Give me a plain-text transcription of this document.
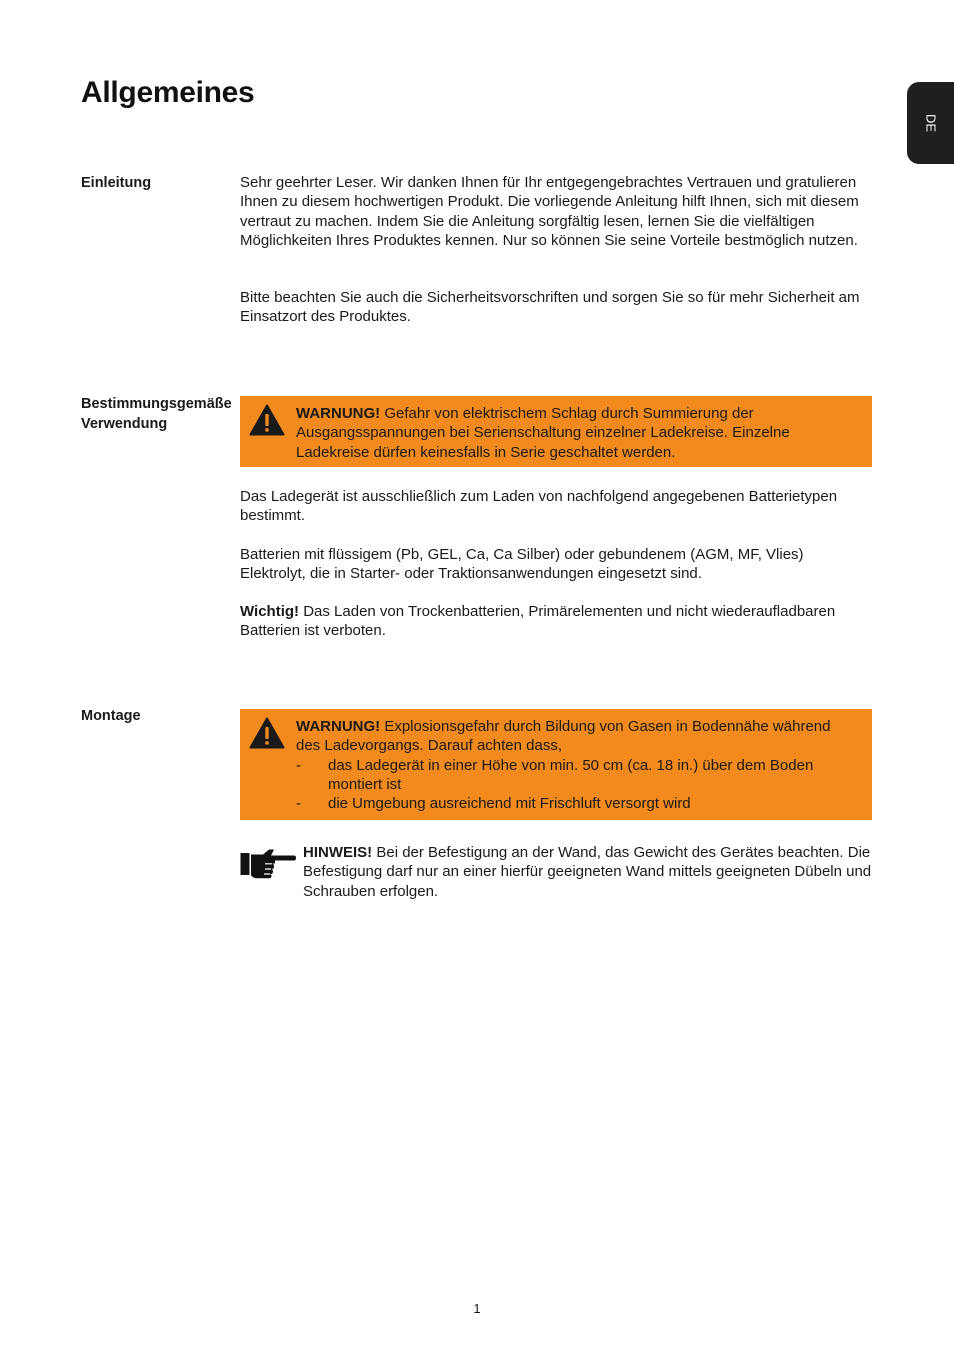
Allgemeines
DE
Einleitung	Sehr geehrter Leser. Wir danken Ihnen für Ihr entgegengebrachtes Vertrauen und gratulieren Ihnen zu diesem hochwertigen Produkt. Die vorliegende Anleitung hilft Ihnen, sich mit diesem vertraut zu machen. Indem Sie die Anleitung sorgfältig lesen, lernen Sie die vielfältigen Möglichkeiten Ihres Produktes kennen. Nur so können Sie seine Vorteile bestmöglich nutzen.

Bitte beachten Sie auch die Sicherheitsvorschriften und sorgen Sie so für mehr Sicherheit am Einsatzort des Produktes.

Bestimmungsgemäße Verwendung
WARNUNG! Gefahr von elektrischem Schlag durch Summierung der Ausgangsspannungen bei Serienschaltung einzelner Ladekreise. Einzelne Ladekreise dürfen keinesfalls in Serie geschaltet werden.

Das Ladegerät ist ausschließlich zum Laden von nachfolgend angegebenen Batterietypen bestimmt.

Batterien mit flüssigem (Pb, GEL, Ca, Ca Silber) oder gebundenem (AGM, MF, Vlies) Elektrolyt, die in Starter- oder Traktionsanwendungen eingesetzt sind.

Wichtig! Das Laden von Trockenbatterien, Primärelementen und nicht wiederaufladbaren Batterien ist verboten.

Montage
WARNUNG! Explosionsgefahr durch Bildung von Gasen in Bodennähe während des Ladevorgangs. Darauf achten dass,
- das Ladegerät in einer Höhe von min. 50 cm (ca. 18 in.) über dem Boden montiert ist
- die Umgebung ausreichend mit Frischluft versorgt wird
HINWEIS! Bei der Befestigung an der Wand, das Gewicht des Gerätes beachten. Die Befestigung darf nur an einer hierfür geeigneten Wand mittels geeigneten Dübeln und Schrauben erfolgen.
1
